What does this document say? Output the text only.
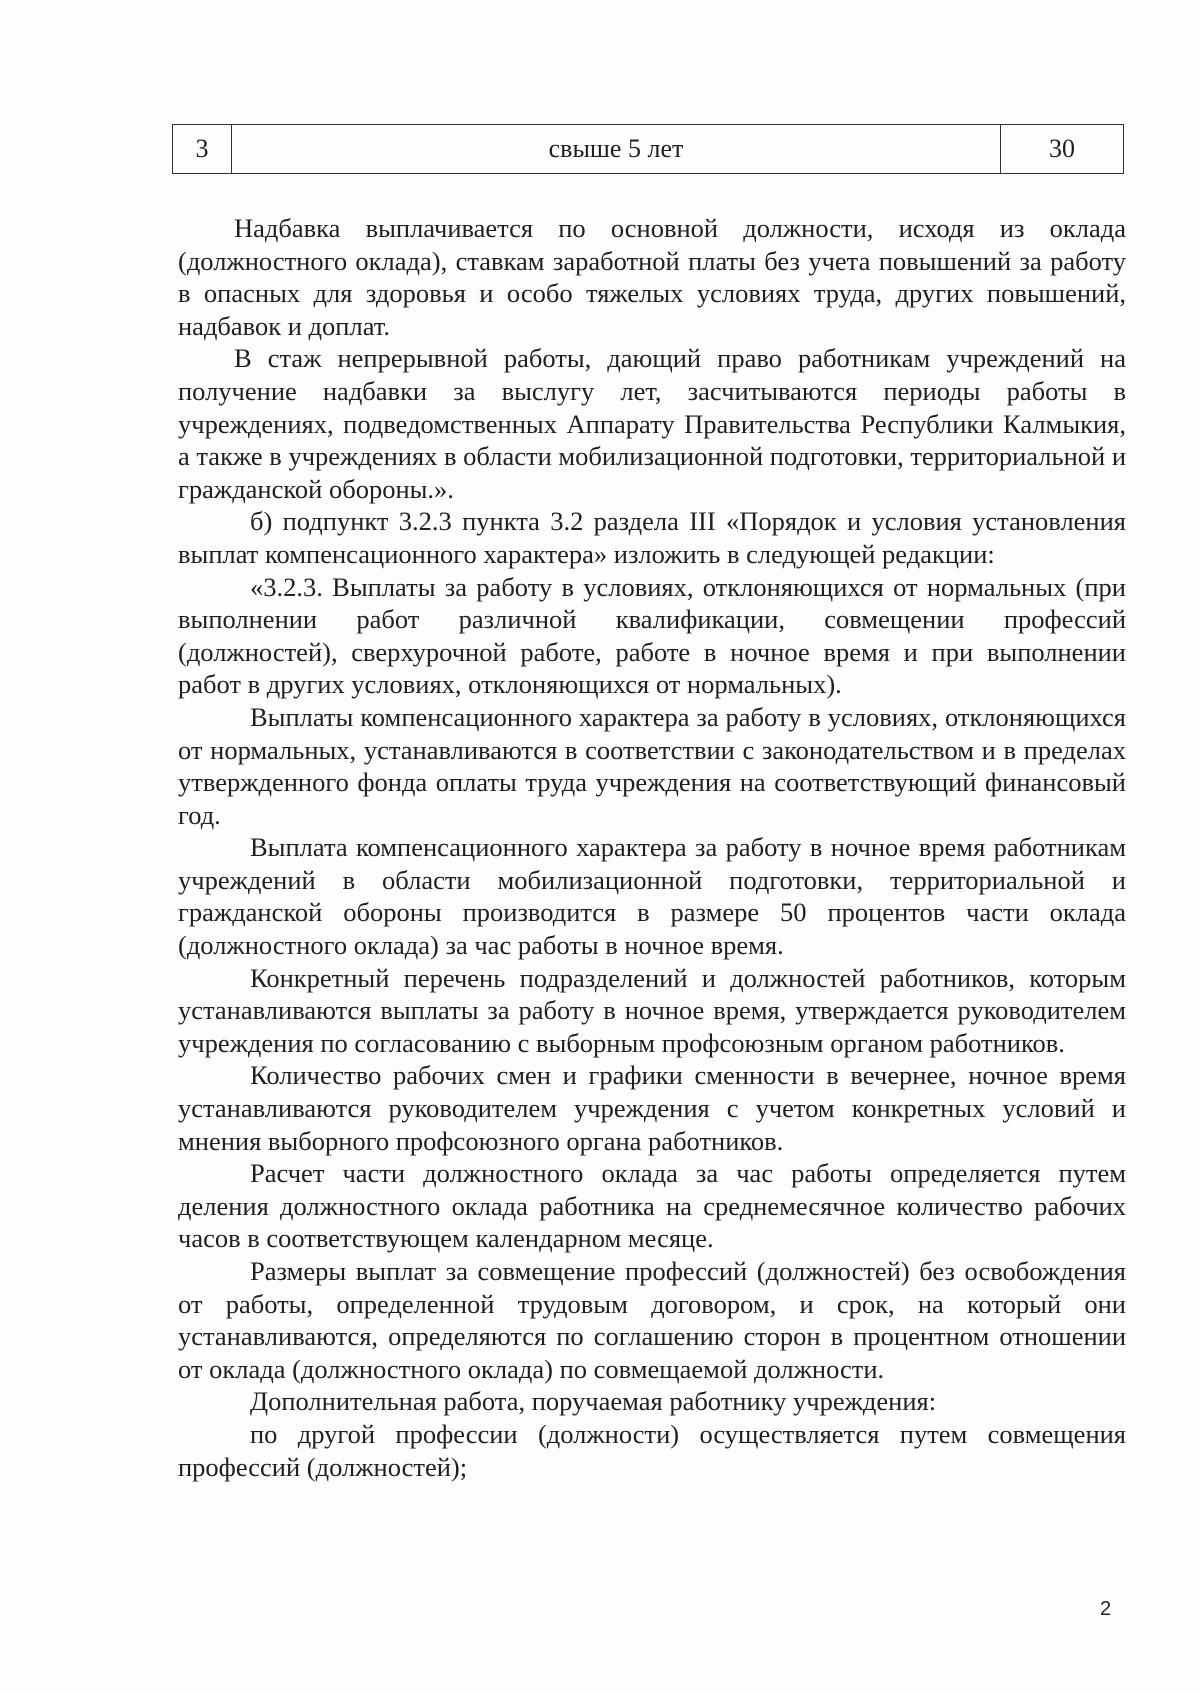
3	свыше 5 лет	30

Надбавка выплачивается по основной должности, исходя из оклада (должностного оклада), ставкам заработной платы без учета повышений за работу в опасных для здоровья и особо тяжелых условиях труда, других повышений, надбавок и доплат.

В стаж непрерывной работы, дающий право работникам учреждений на получение надбавки за выслугу лет, засчитываются периоды работы в учреждениях, подведомственных Аппарату Правительства Республики Калмыкия, а также в учреждениях в области мобилизационной подготовки, территориальной и гражданской обороны.».

б) подпункт 3.2.3 пункта 3.2 раздела III «Порядок и условия установления выплат компенсационного характера» изложить в следующей редакции:

«3.2.3. Выплаты за работу в условиях, отклоняющихся от нормальных (при выполнении работ различной квалификации, совмещении профессий (должностей), сверхурочной работе, работе в ночное время и при выполнении работ в других условиях, отклоняющихся от нормальных).

Выплаты компенсационного характера за работу в условиях, отклоняющихся от нормальных, устанавливаются в соответствии с законодательством и в пределах утвержденного фонда оплаты труда учреждения на соответствующий финансовый год.

Выплата компенсационного характера за работу в ночное время работникам учреждений в области мобилизационной подготовки, территориальной и гражданской обороны производится в размере 50 процентов части оклада (должностного оклада) за час работы в ночное время.

Конкретный перечень подразделений и должностей работников, которым устанавливаются выплаты за работу в ночное время, утверждается руководителем учреждения по согласованию с выборным профсоюзным органом работников.

Количество рабочих смен и графики сменности в вечернее, ночное время устанавливаются руководителем учреждения с учетом конкретных условий и мнения выборного профсоюзного органа работников.

Расчет части должностного оклада за час работы определяется путем деления должностного оклада работника на среднемесячное количество рабочих часов в соответствующем календарном месяце.

Размеры выплат за совмещение профессий (должностей) без освобождения от работы, определенной трудовым договором, и срок, на который они устанавливаются, определяются по соглашению сторон в процентном отношении от оклада (должностного оклада) по совмещаемой должности.

Дополнительная работа, поручаемая работнику учреждения:

по другой профессии (должности) осуществляется путем совмещения профессий (должностей);

2
